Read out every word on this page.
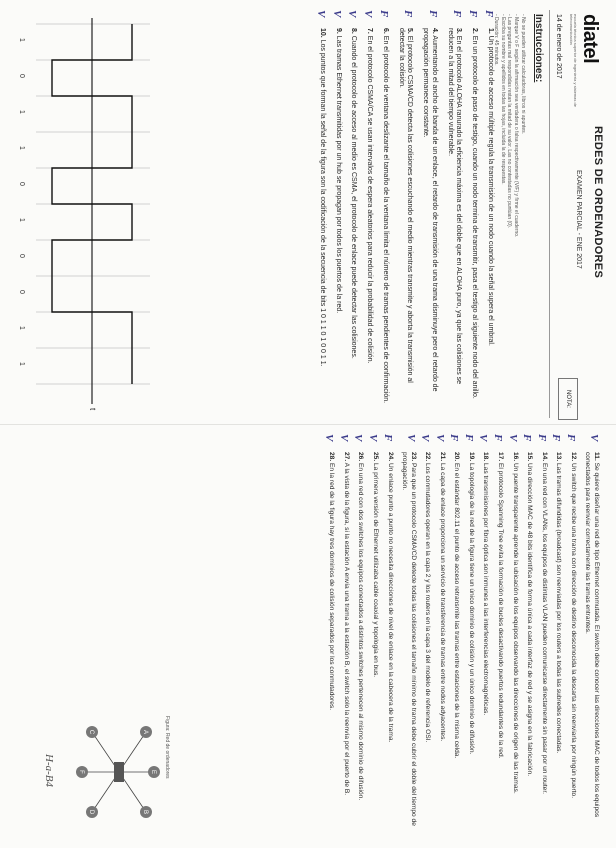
diatel
escuela técnica superior de ingeniería y sistemas de telecomunicación
REDES DE ORDENADORES
EXAMEN PARCIAL - ENE 2017
14 de enero de 2017
NOTA:
Instrucciones:
- No se pueden utilizar calculadoras, libros ni apuntes.
- Marque V o F según la afirmación sea verdadera o falsa respectivamente (V/F) y firme el cuaderno.
- Las preguntas mal respondidas restan la mitad de su valor. Las no contestadas no puntúan (0).
- Escriba su nombre y apellidos en todas las hojas, incluida la de respuestas.
- Duración: 45 minutos.
F
1. Un protocolo de acceso múltiple regula la transmisión de un nodo cuando la señal supera el umbral.
F
2. En un protocolo de paso de testigo, cuando un nodo termina de transmitir, pasa el testigo al siguiente nodo del anillo.
F
3. En el protocolo ALOHA ranurado la eficiencia máxima es del doble que en ALOHA puro, ya que las colisiones se reducen a la mitad del tiempo vulnerable.
F
4. Aumentando el ancho de banda de un enlace, el retardo de transmisión de una trama disminuye pero el retardo de propagación permanece constante.
F
5. El protocolo CSMA/CD detecta las colisiones escuchando el medio mientras transmite y aborta la transmisión al detectar la colisión.
F
6. En el protocolo de ventana deslizante el tamaño de la ventana limita el número de tramas pendientes de confirmación.
V
7. En el protocolo CSMA/CA se usan intervalos de espera aleatorios para reducir la probabilidad de colisión.
V
8. Cuando el protocolo de acceso al medio es CSMA, el protocolo de enlace puede detectar las colisiones.
V
9. Las tramas Ethernet transmitidas por un hub se propagan por todos los puertos de la red.
V
10. Los puntos que forman la señal de la figura son la codificación de la secuencia de bits 1 0 1 1 0 1 0 0 1 1.
t
1
0
1
1
0
1
0
0
1
1
V
11. Se quiere diseñar una red de tipo Ethernet conmutada. El switch debe conocer las direcciones MAC de todos los equipos conectados para reenviar correctamente las tramas entrantes.
F
12. Un switch que recibe una trama con dirección de destino desconocida la descarta sin reenviarla por ningún puerto.
F
13. Las tramas difundidas (broadcast) son reenviadas por los routers a todas las subredes conectadas.
F
14. En una red con VLANs, los equipos de distintas VLAN pueden comunicarse directamente sin pasar por un router.
F
15. Una dirección MAC de 48 bits identifica de forma única a cada interfaz de red y se asigna en la fabricación.
V
16. Un puente transparente aprende la ubicación de los equipos observando las direcciones de origen de las tramas.
F
17. El protocolo Spanning Tree evita la formación de bucles desactivando puertos redundantes de la red.
V
18. Las transmisiones por fibra óptica son inmunes a las interferencias electromagnéticas.
F
19. La topología de la red de la figura tiene un único dominio de colisión y un único dominio de difusión.
F
20. En el estándar 802.11 el punto de acceso retransmite las tramas entre estaciones de la misma celda.
V
21. La capa de enlace proporciona un servicio de transferencia de tramas entre nodos adyacentes.
V
22. Los conmutadores operan en la capa 2 y los routers en la capa 3 del modelo de referencia OSI.
V
23. Para que un protocolo CSMA/CD detecte todas las colisiones el tamaño mínimo de trama debe cubrir el doble del tiempo de propagación.
F
24. Un enlace punto a punto no necesita direcciones de nivel de enlace en la cabecera de la trama.
V
25. La primera versión de Ethernet utilizaba cable coaxial y topología en bus.
V
26. En una red con dos switches los equipos conectados a distintos switches pertenecen al mismo dominio de difusión.
V
27. A la vista de la figura, si la estación A envía una trama a la estación B, el switch solo la reenvía por el puerto de B.
V
28. En la red de la figura hay tres dominios de colisión separados por los conmutadores.
Figura: Red de ordenadores
A
B
C
D
E
F
H-a-B4
